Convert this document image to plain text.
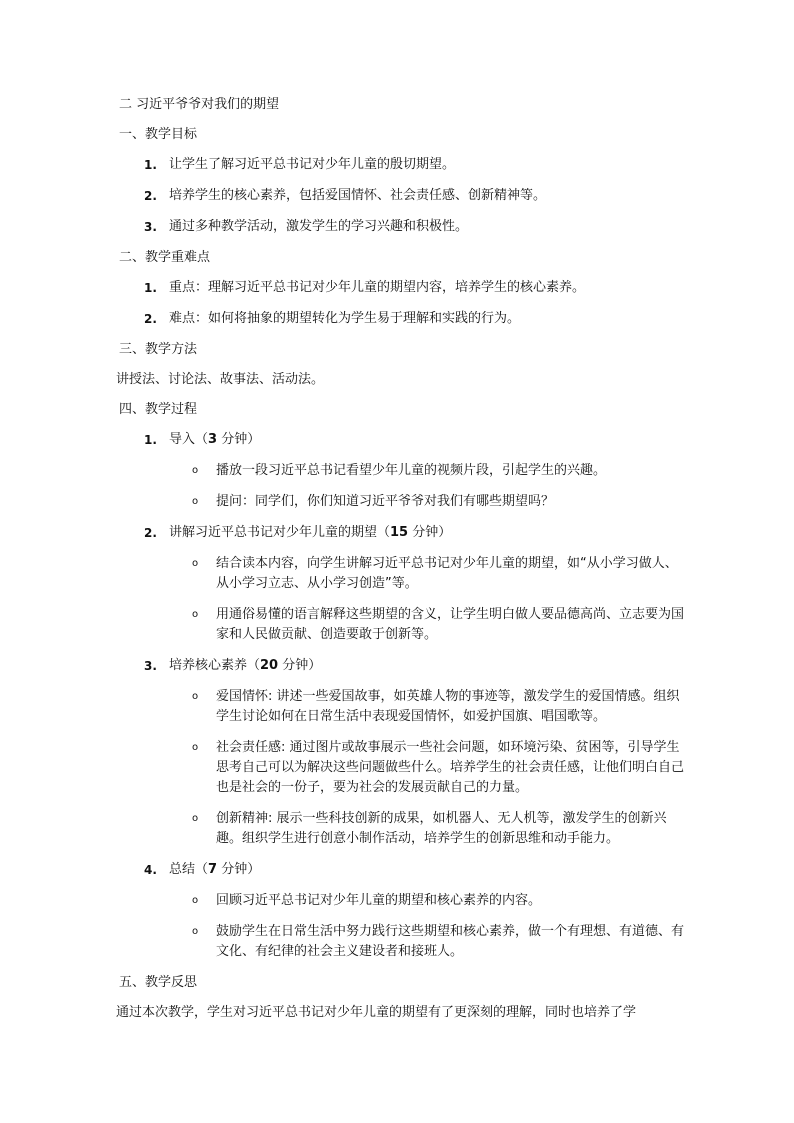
二 习近平爷爷对我们的期望
一、教学目标
1. 让学生了解习近平总书记对少年儿童的殷切期望。
2. 培养学生的核心素养，包括爱国情怀、社会责任感、创新精神等。
3. 通过多种教学活动，激发学生的学习兴趣和积极性。
二、教学重难点
1. 重点：理解习近平总书记对少年儿童的期望内容，培养学生的核心素养。
2. 难点：如何将抽象的期望转化为学生易于理解和实践的行为。
三、教学方法
讲授法、讨论法、故事法、活动法。
四、教学过程
1. 导入（3 分钟）
o 播放一段习近平总书记看望少年儿童的视频片段，引起学生的兴趣。
o 提问：同学们，你们知道习近平爷爷对我们有哪些期望吗？
2. 讲解习近平总书记对少年儿童的期望（15 分钟）
o 结合读本内容，向学生讲解习近平总书记对少年儿童的期望，如“从小学习做人、从小学习立志、从小学习创造”等。
o 用通俗易懂的语言解释这些期望的含义，让学生明白做人要品德高尚、立志要为国家和人民做贡献、创造要敢于创新等。
3. 培养核心素养（20 分钟）
o 爱国情怀: 讲述一些爱国故事，如英雄人物的事迹等，激发学生的爱国情感。组织学生讨论如何在日常生活中表现爱国情怀，如爱护国旗、唱国歌等。
o 社会责任感: 通过图片或故事展示一些社会问题，如环境污染、贫困等，引导学生思考自己可以为解决这些问题做些什么。培养学生的社会责任感，让他们明白自己也是社会的一份子，要为社会的发展贡献自己的力量。
o 创新精神: 展示一些科技创新的成果，如机器人、无人机等，激发学生的创新兴趣。组织学生进行创意小制作活动，培养学生的创新思维和动手能力。
4. 总结（7 分钟）
o 回顾习近平总书记对少年儿童的期望和核心素养的内容。
o 鼓励学生在日常生活中努力践行这些期望和核心素养，做一个有理想、有道德、有文化、有纪律的社会主义建设者和接班人。
五、教学反思
通过本次教学，学生对习近平总书记对少年儿童的期望有了更深刻的理解，同时也培养了学
